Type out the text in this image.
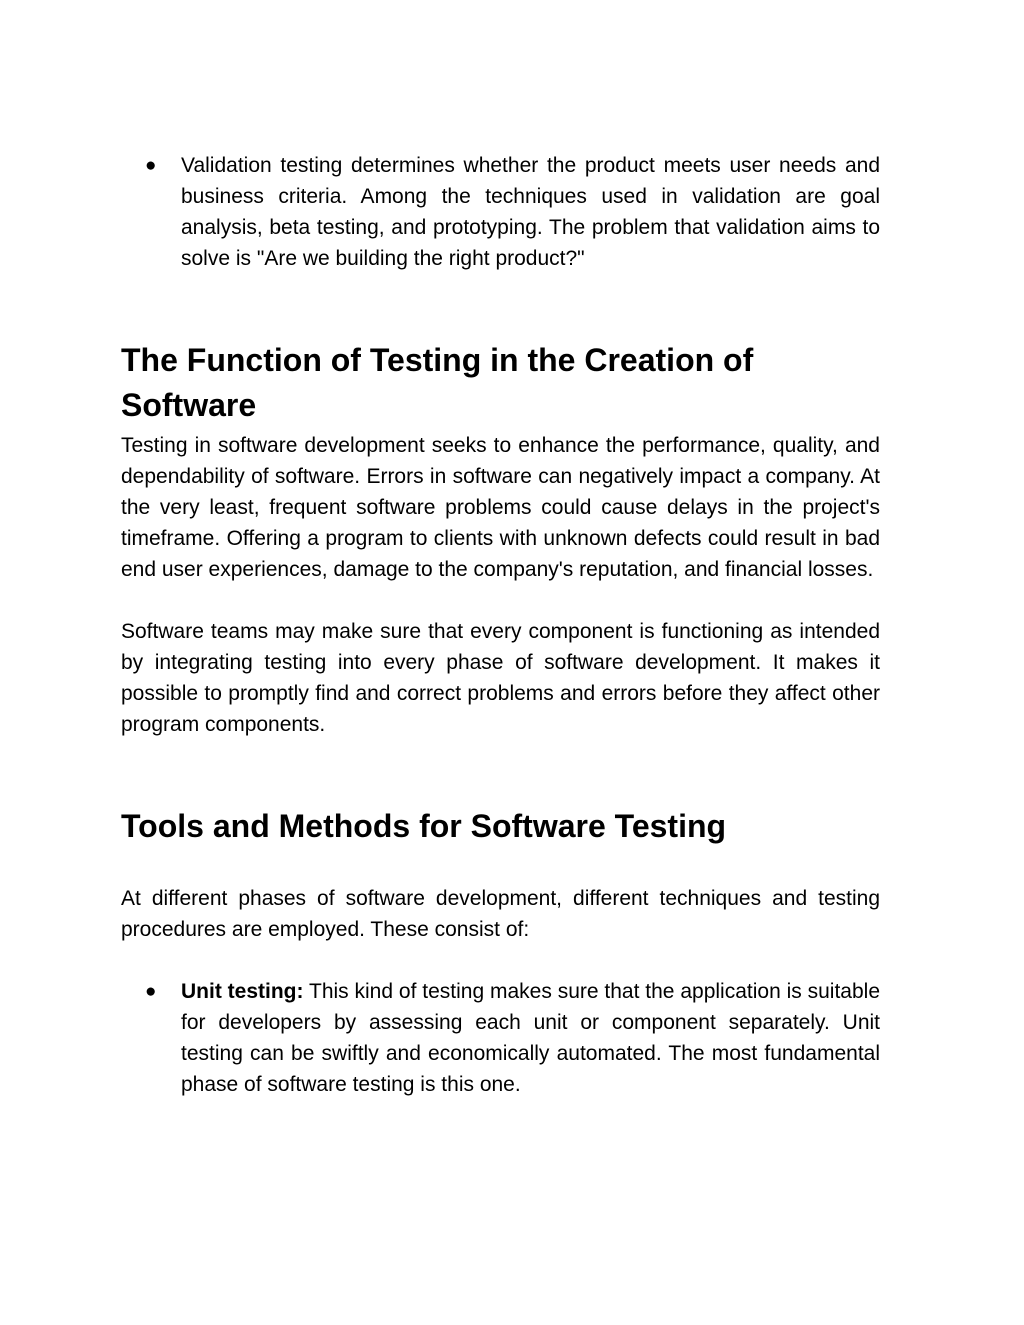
● Validation testing determines whether the product meets user needs and business criteria. Among the techniques used in validation are goal analysis, beta testing, and prototyping. The problem that validation aims to solve is "Are we building the right product?"
The Function of Testing in the Creation of Software

Testing in software development seeks to enhance the performance, quality, and dependability of software. Errors in software can negatively impact a company. At the very least, frequent software problems could cause delays in the project's timeframe. Offering a program to clients with unknown defects could result in bad end user experiences, damage to the company's reputation, and financial losses.

Software teams may make sure that every component is functioning as intended by integrating testing into every phase of software development. It makes it possible to promptly find and correct problems and errors before they affect other program components.

Tools and Methods for Software Testing

At different phases of software development, different techniques and testing procedures are employed. These consist of:

● Unit testing: This kind of testing makes sure that the application is suitable for developers by assessing each unit or component separately. Unit testing can be swiftly and economically automated. The most fundamental phase of software testing is this one.
